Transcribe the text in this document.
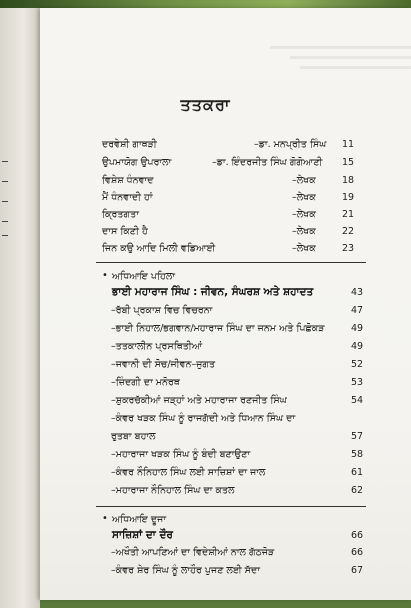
ਤਤਕਰਾ
ਦਰਵੇਸ਼ੀ ਗਾਥੜੀ	–ਡਾ. ਮਨਪ੍ਰੀਤ ਸਿੰਘ 11
ਉਪਮਾਯੋਗ ਉਪਰਾਲਾ	–ਡਾ. ਇੰਦਰਜੀਤ ਸਿੰਘ ਗੋਗੋਆਣੀ 15
ਵਿਸ਼ੇਸ਼ ਧੰਨਵਾਦ	–ਲੇਖਕ	18
ਮੈਂ ਧੰਨਵਾਦੀ ਹਾਂ	–ਲੇਖਕ	19
ਕ੍ਰਿਤਗਤਾ	–ਲੇਖਕ	21
ਦਾਸ ਕਿਣੀ ਹੈ	–ਲੇਖਕ	22
ਜਿਨ ਕਉ ਆਦਿ ਮਿਲੀ ਵਡਿਆਈ	–ਲੇਖਕ	23
• ਅਧਿਆਇ ਪਹਿਲਾ
ਭਾਈ ਮਹਾਰਾਜ ਸਿੰਘ : ਜੀਵਨ, ਸੰਘਰਸ਼ ਅਤੇ ਸ਼ਹਾਦਤ	43
–ਰੱਬੀ ਪ੍ਰਕਾਸ਼ ਵਿਚ ਵਿਚਰਨਾ	47
–ਭਾਈ ਨਿਹਾਲ/ਭਗਵਾਨ/ਮਹਾਰਾਜ ਸਿੰਘ ਦਾ ਜਨਮ ਅਤੇ ਪਿਛੋਕੜ	49
–ਤਤਕਾਲੀਨ ਪ੍ਰਸਥਿਤੀਆਂ	49
–ਜਵਾਨੀ ਦੀ ਸੋਚ/ਜੀਵਨ–ਜੁਗਤ	52
–ਜ਼ਿੰਦਗੀ ਦਾ ਮਨੋਰਥ	53
–ਸ਼ੁਕਰਚੱਕੀਆਂ ਜੜ੍ਹਾਂ ਅਤੇ ਮਹਾਰਾਜਾ ਰਣਜੀਤ ਸਿੰਘ	54
–ਕੰਵਰ ਖੜਕ ਸਿੰਘ ਨੂੰ ਰਾਜਗੱਦੀ ਅਤੇ ਧਿਆਨ ਸਿੰਘ ਦਾ
ਰੁਤਬਾ ਬਹਾਲ	57
–ਮਹਾਰਾਜਾ ਖੜਕ ਸਿੰਘ ਨੂੰ ਬੰਦੀ ਬਣਾਉਣਾ	58
–ਕੰਵਰ ਨੌਨਿਹਾਲ ਸਿੰਘ ਲਈ ਸਾਜ਼ਿਸ਼ਾਂ ਦਾ ਜਾਲ	61
–ਮਹਾਰਾਜਾ ਨੌਨਿਹਾਲ ਸਿੰਘ ਦਾ ਕਤਲ	62
• ਅਧਿਆਇ ਦੂਜਾ
ਸਾਜ਼ਿਸ਼ਾਂ ਦਾ ਦੌਰ	66
–ਅਖੌਤੀ ਆਪਣਿਆਂ ਦਾ ਵਿਦੇਸ਼ੀਆਂ ਨਾਲ ਗੱਠਜੋੜ	66
–ਕੰਵਰ ਸ਼ੇਰ ਸਿੰਘ ਨੂੰ ਲਾਹੌਰ ਪੁਜਣ ਲਈ ਸੱਦਾ	67
